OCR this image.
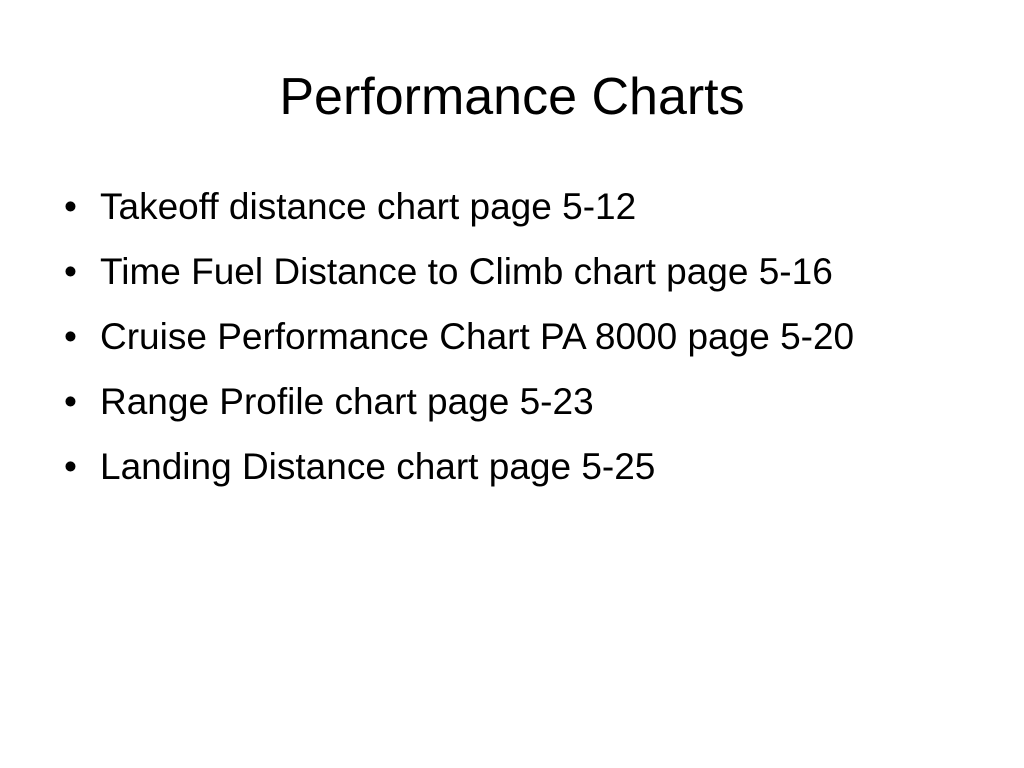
Performance Charts
• Takeoff distance chart page 5-12
• Time Fuel Distance to Climb chart page 5-16
• Cruise Performance Chart PA 8000 page 5-20
• Range Profile chart page 5-23
• Landing Distance chart page 5-25
